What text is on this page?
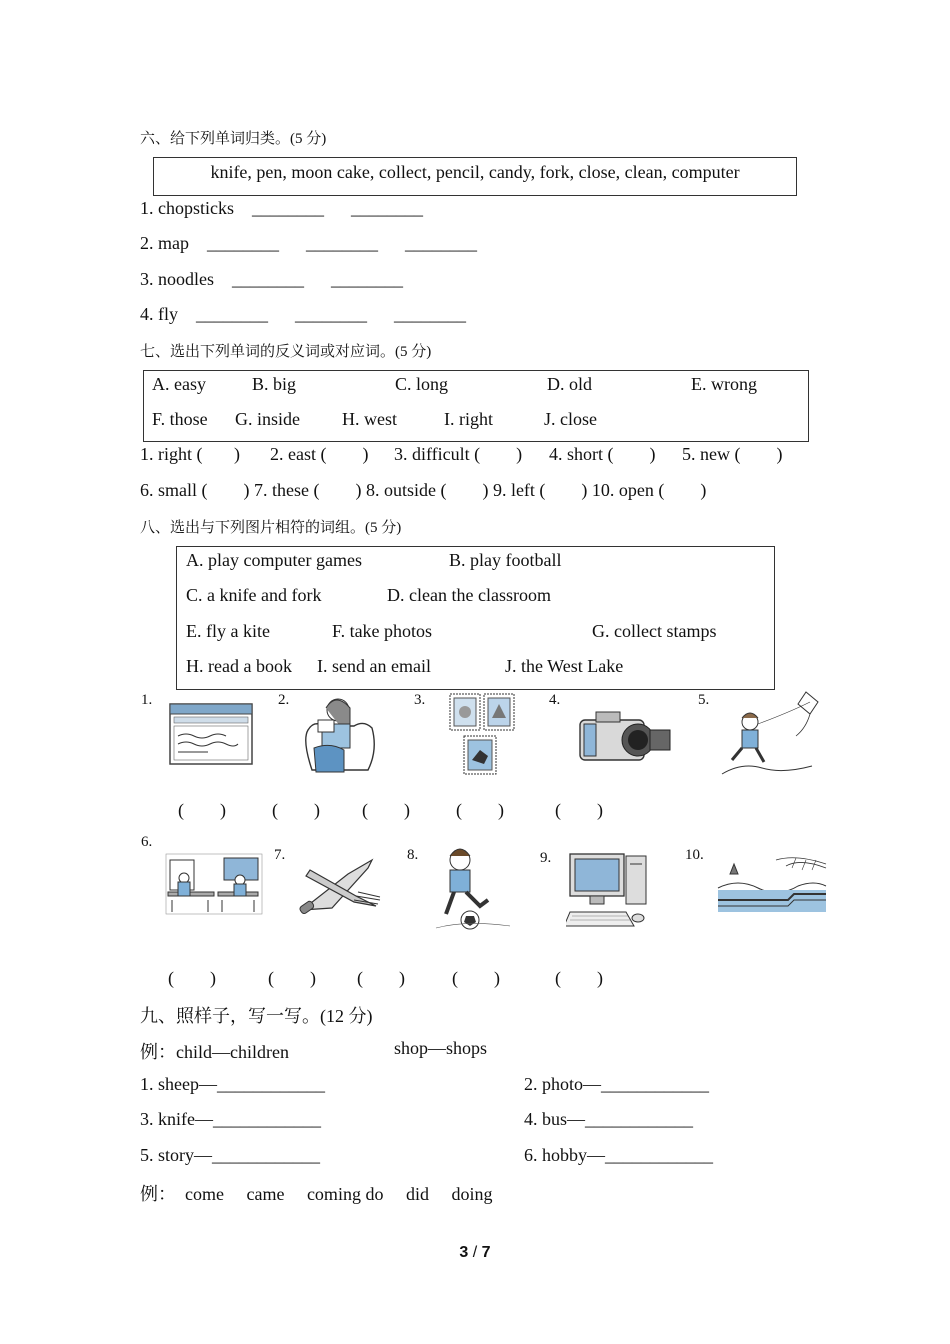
六、给下列单词归类。(5 分)
knife, pen, moon cake, collect, pencil, candy, fork, close, clean, computer
1. chopsticks    ________      ________
2. map    ________      ________      ________
3. noodles    ________      ________
4. fly    ________      ________      ________
七、选出下列单词的反义词或对应词。(5 分)
A. easy	B. big	C. long	D. old	E. wrong
F. those G. inside H. west	I. right	J. close
1. right (       ) 2. east (        ) 3. difficult (        ) 4. short (        ) 5. new (        )
6. small (        ) 7. these (        ) 8. outside (        ) 9. left (        ) 10. open (        )
八、选出与下列图片相符的词组。(5 分)
A. play computer games	B. play football
C. a knife and fork	D. clean the classroom
E. fly a kite	F. take photos	G. collect stamps
H. read a book I. send an email	J. the West Lake
1.	2.	3.	4.	5.
(        )	(        ) (        )	(        )	(        )
6.
7.	8.	9.	10.
(        )	(        ) (        )	(        )	(        )
九、照样子，写一写。(12 分)
例：child—children	shop—shops
1. sheep—____________	2. photo—____________
3. knife—____________	4. bus—____________
5. story—____________	6. hobby—____________
例：  come     came     coming do     did     doing
3 / 7
